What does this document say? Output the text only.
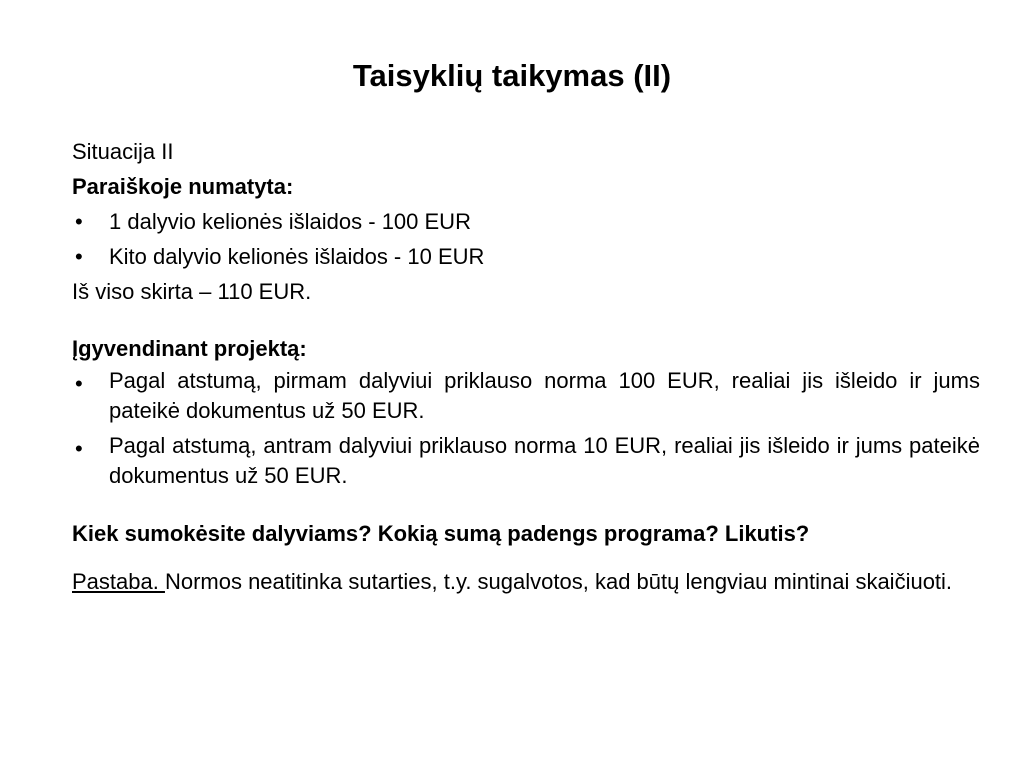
Taisyklių taikymas (II)

Situacija II

Paraiškoje numatyta:

• 1 dalyvio kelionės išlaidos - 100 EUR

• Kito dalyvio kelionės išlaidos - 10 EUR

Iš viso skirta – 110 EUR.

Įgyvendinant projektą:

• Pagal atstumą, pirmam dalyviui priklauso norma 100 EUR, realiai jis išleido ir jums pateikė dokumentus už 50 EUR.
• Pagal atstumą, antram dalyviui priklauso norma 10 EUR, realiai jis išleido ir jums pateikė dokumentus už 50 EUR.

Kiek sumokėsite dalyviams? Kokią sumą padengs programa? Likutis?

Pastaba. Normos neatitinka sutarties, t.y. sugalvotos, kad būtų lengviau mintinai skaičiuoti.
